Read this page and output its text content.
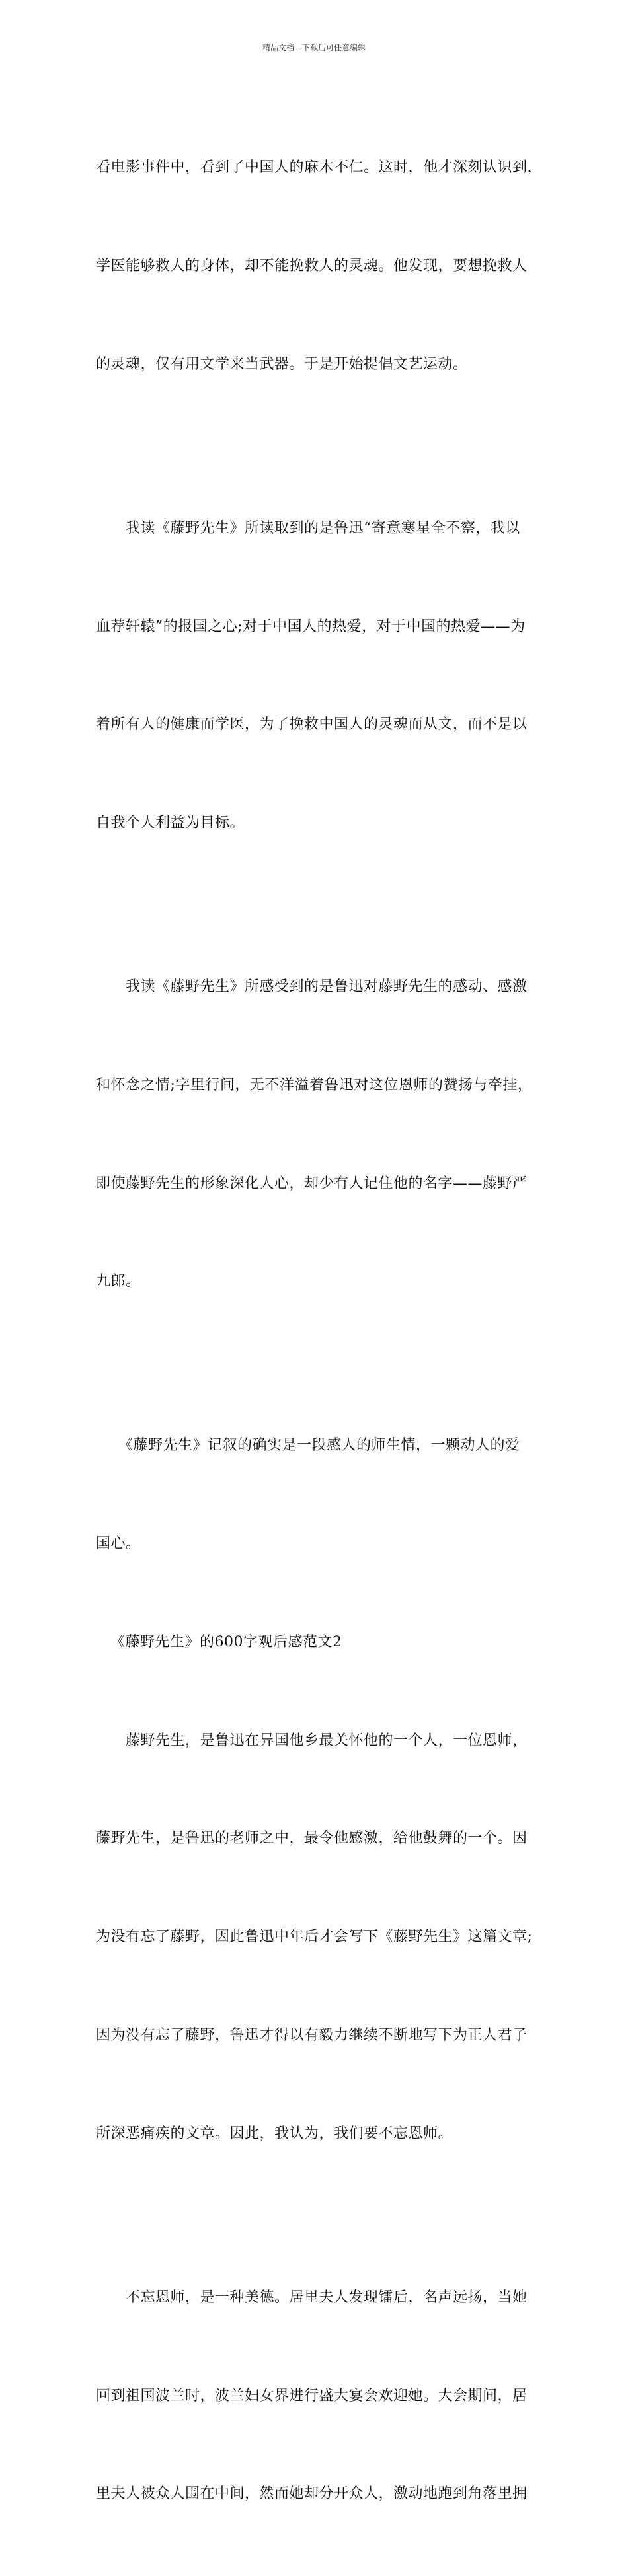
精品文档---下载后可任意编辑

看电影事件中，看到了中国人的麻木不仁。这时，他才深刻认识到，

学医能够救人的身体，却不能挽救人的灵魂。他发现，要想挽救人

的灵魂，仅有用文学来当武器。于是开始提倡文艺运动。

　　我读《藤野先生》所读取到的是鲁迅“寄意寒星全不察，我以

血荐轩辕”的报国之心;对于中国人的热爱，对于中国的热爱——为

着所有人的健康而学医，为了挽救中国人的灵魂而从文，而不是以

自我个人利益为目标。

　　我读《藤野先生》所感受到的是鲁迅对藤野先生的感动、感激

和怀念之情;字里行间，无不洋溢着鲁迅对这位恩师的赞扬与牵挂，

即使藤野先生的形象深化人心，却少有人记住他的名字——藤野严

九郎。

　　《藤野先生》记叙的确实是一段感人的师生情，一颗动人的爱

国心。

《藤野先生》的600字观后感范文2

　　藤野先生，是鲁迅在异国他乡最关怀他的一个人，一位恩师，

藤野先生，是鲁迅的老师之中，最令他感激，给他鼓舞的一个。因

为没有忘了藤野，因此鲁迅中年后才会写下《藤野先生》这篇文章;

因为没有忘了藤野，鲁迅才得以有毅力继续不断地写下为正人君子

所深恶痛疾的文章。因此，我认为，我们要不忘恩师。

　　不忘恩师，是一种美德。居里夫人发现镭后，名声远扬，当她

回到祖国波兰时，波兰妇女界进行盛大宴会欢迎她。大会期间，居

里夫人被众人围在中间，然而她却分开众人，激动地跑到角落里拥
